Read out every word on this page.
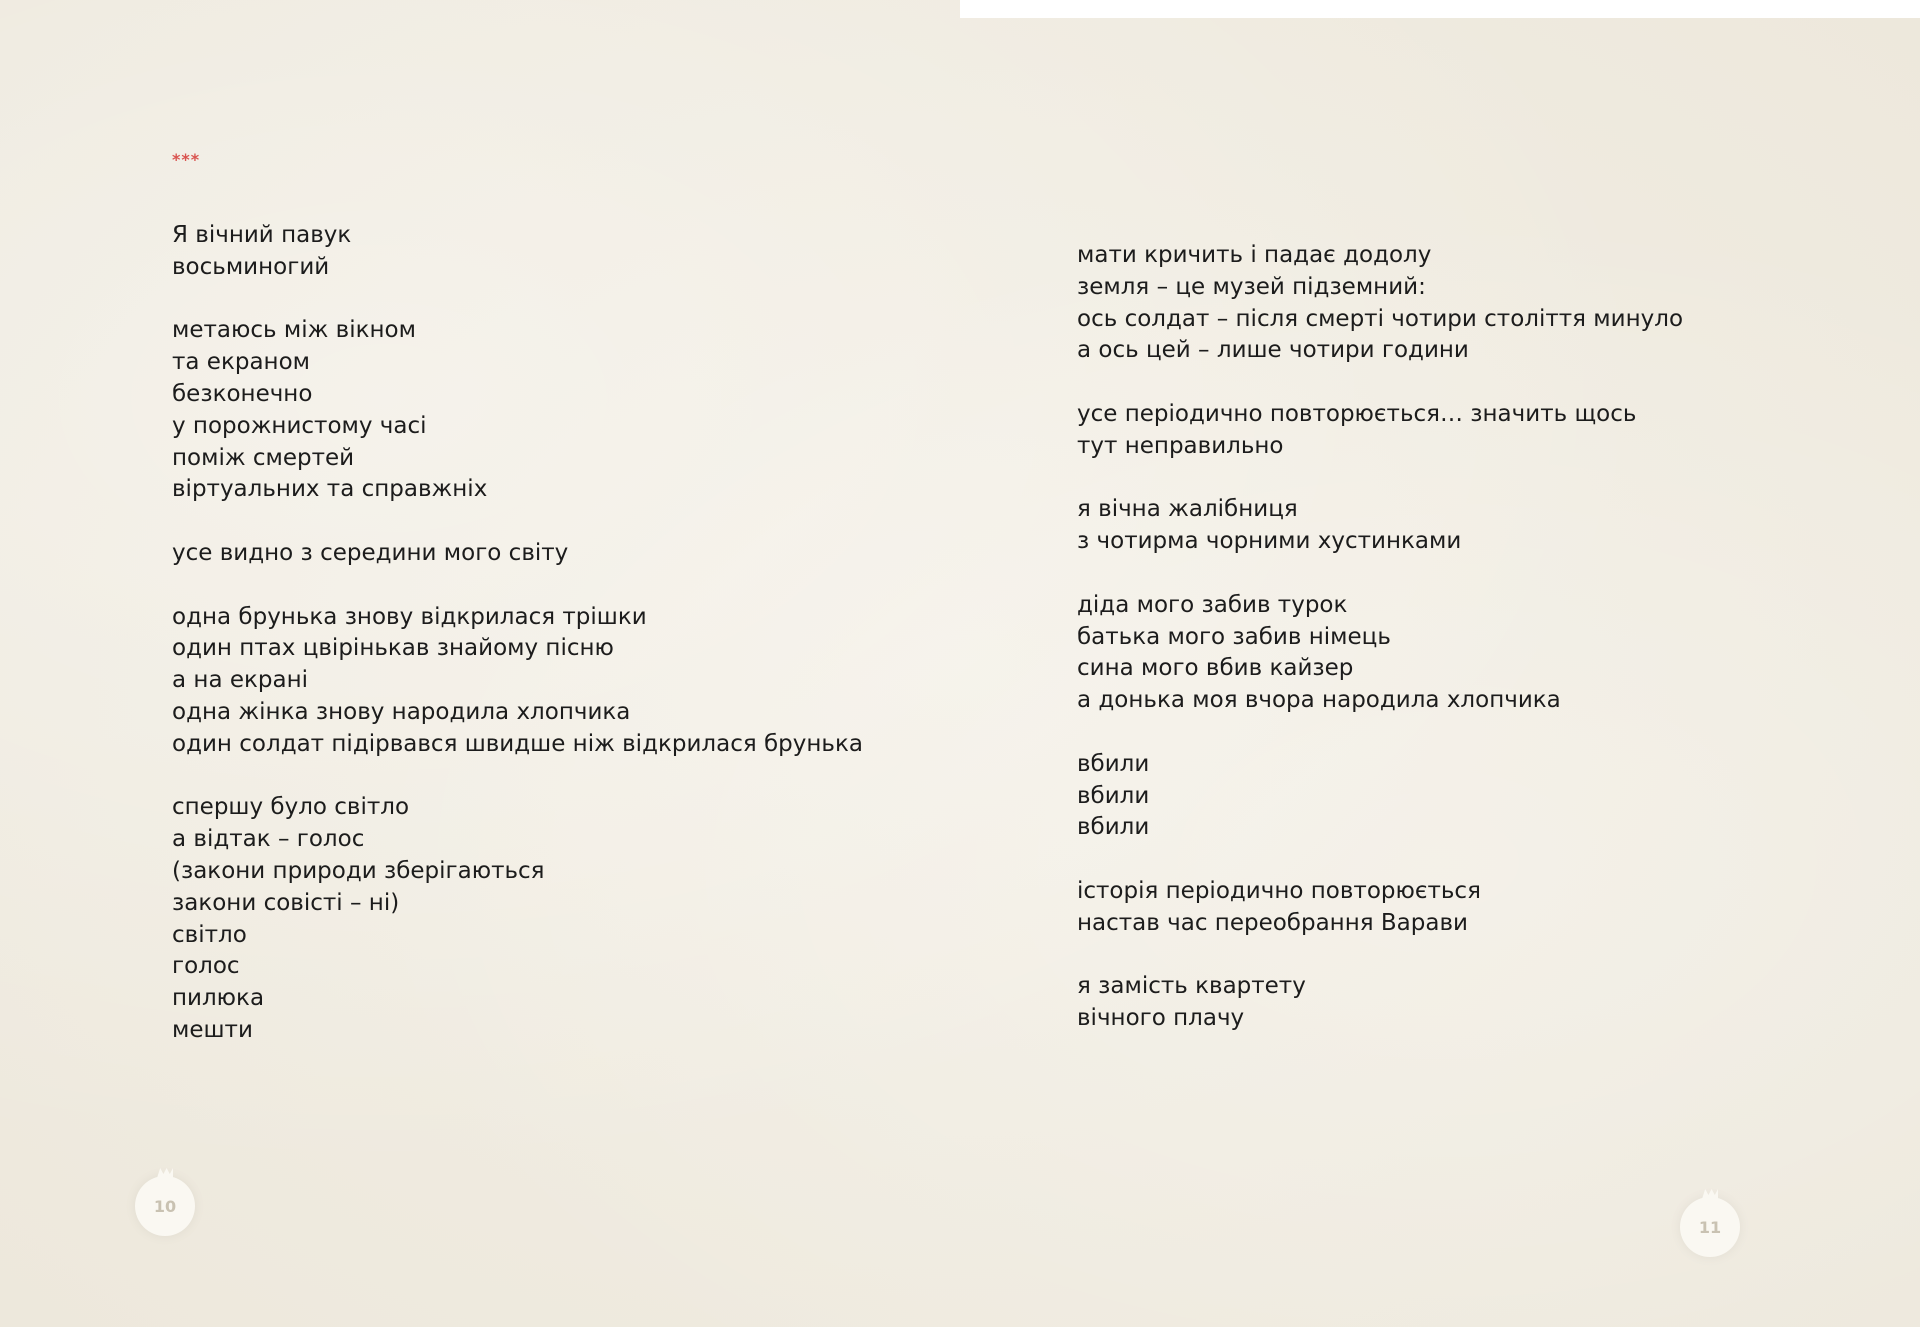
***
Я вічний павук
восьминогий
метаюсь між вікном
та екраном
безконечно
у порожнистому часі
поміж смертей
віртуальних та справжніх
усе видно з середини мого світу
одна брунька знову відкрилася трішки
один птах цвірінькав знайому пісню
а на екрані
одна жінка знову народила хлопчика
один солдат підірвався швидше ніж відкрилася брунька
спершу було світло
а відтак – голос
(закони природи зберігаються
закони совісті – ні)
світло
голос
пилюка
мешти
10
мати кричить і падає додолу
земля – це музей підземний:
ось солдат – після смерті чотири століття минуло
а ось цей – лише чотири години
усе періодично повторюється… значить щось
тут неправильно
я вічна жалібниця
з чотирма чорними хустинками
діда мого забив турок
батька мого забив німець
сина мого вбив кайзер
а донька моя вчора народила хлопчика
вбили
вбили
вбили
історія періодично повторюється
настав час переобрання Варави
я замість квартету
вічного плачу
11
